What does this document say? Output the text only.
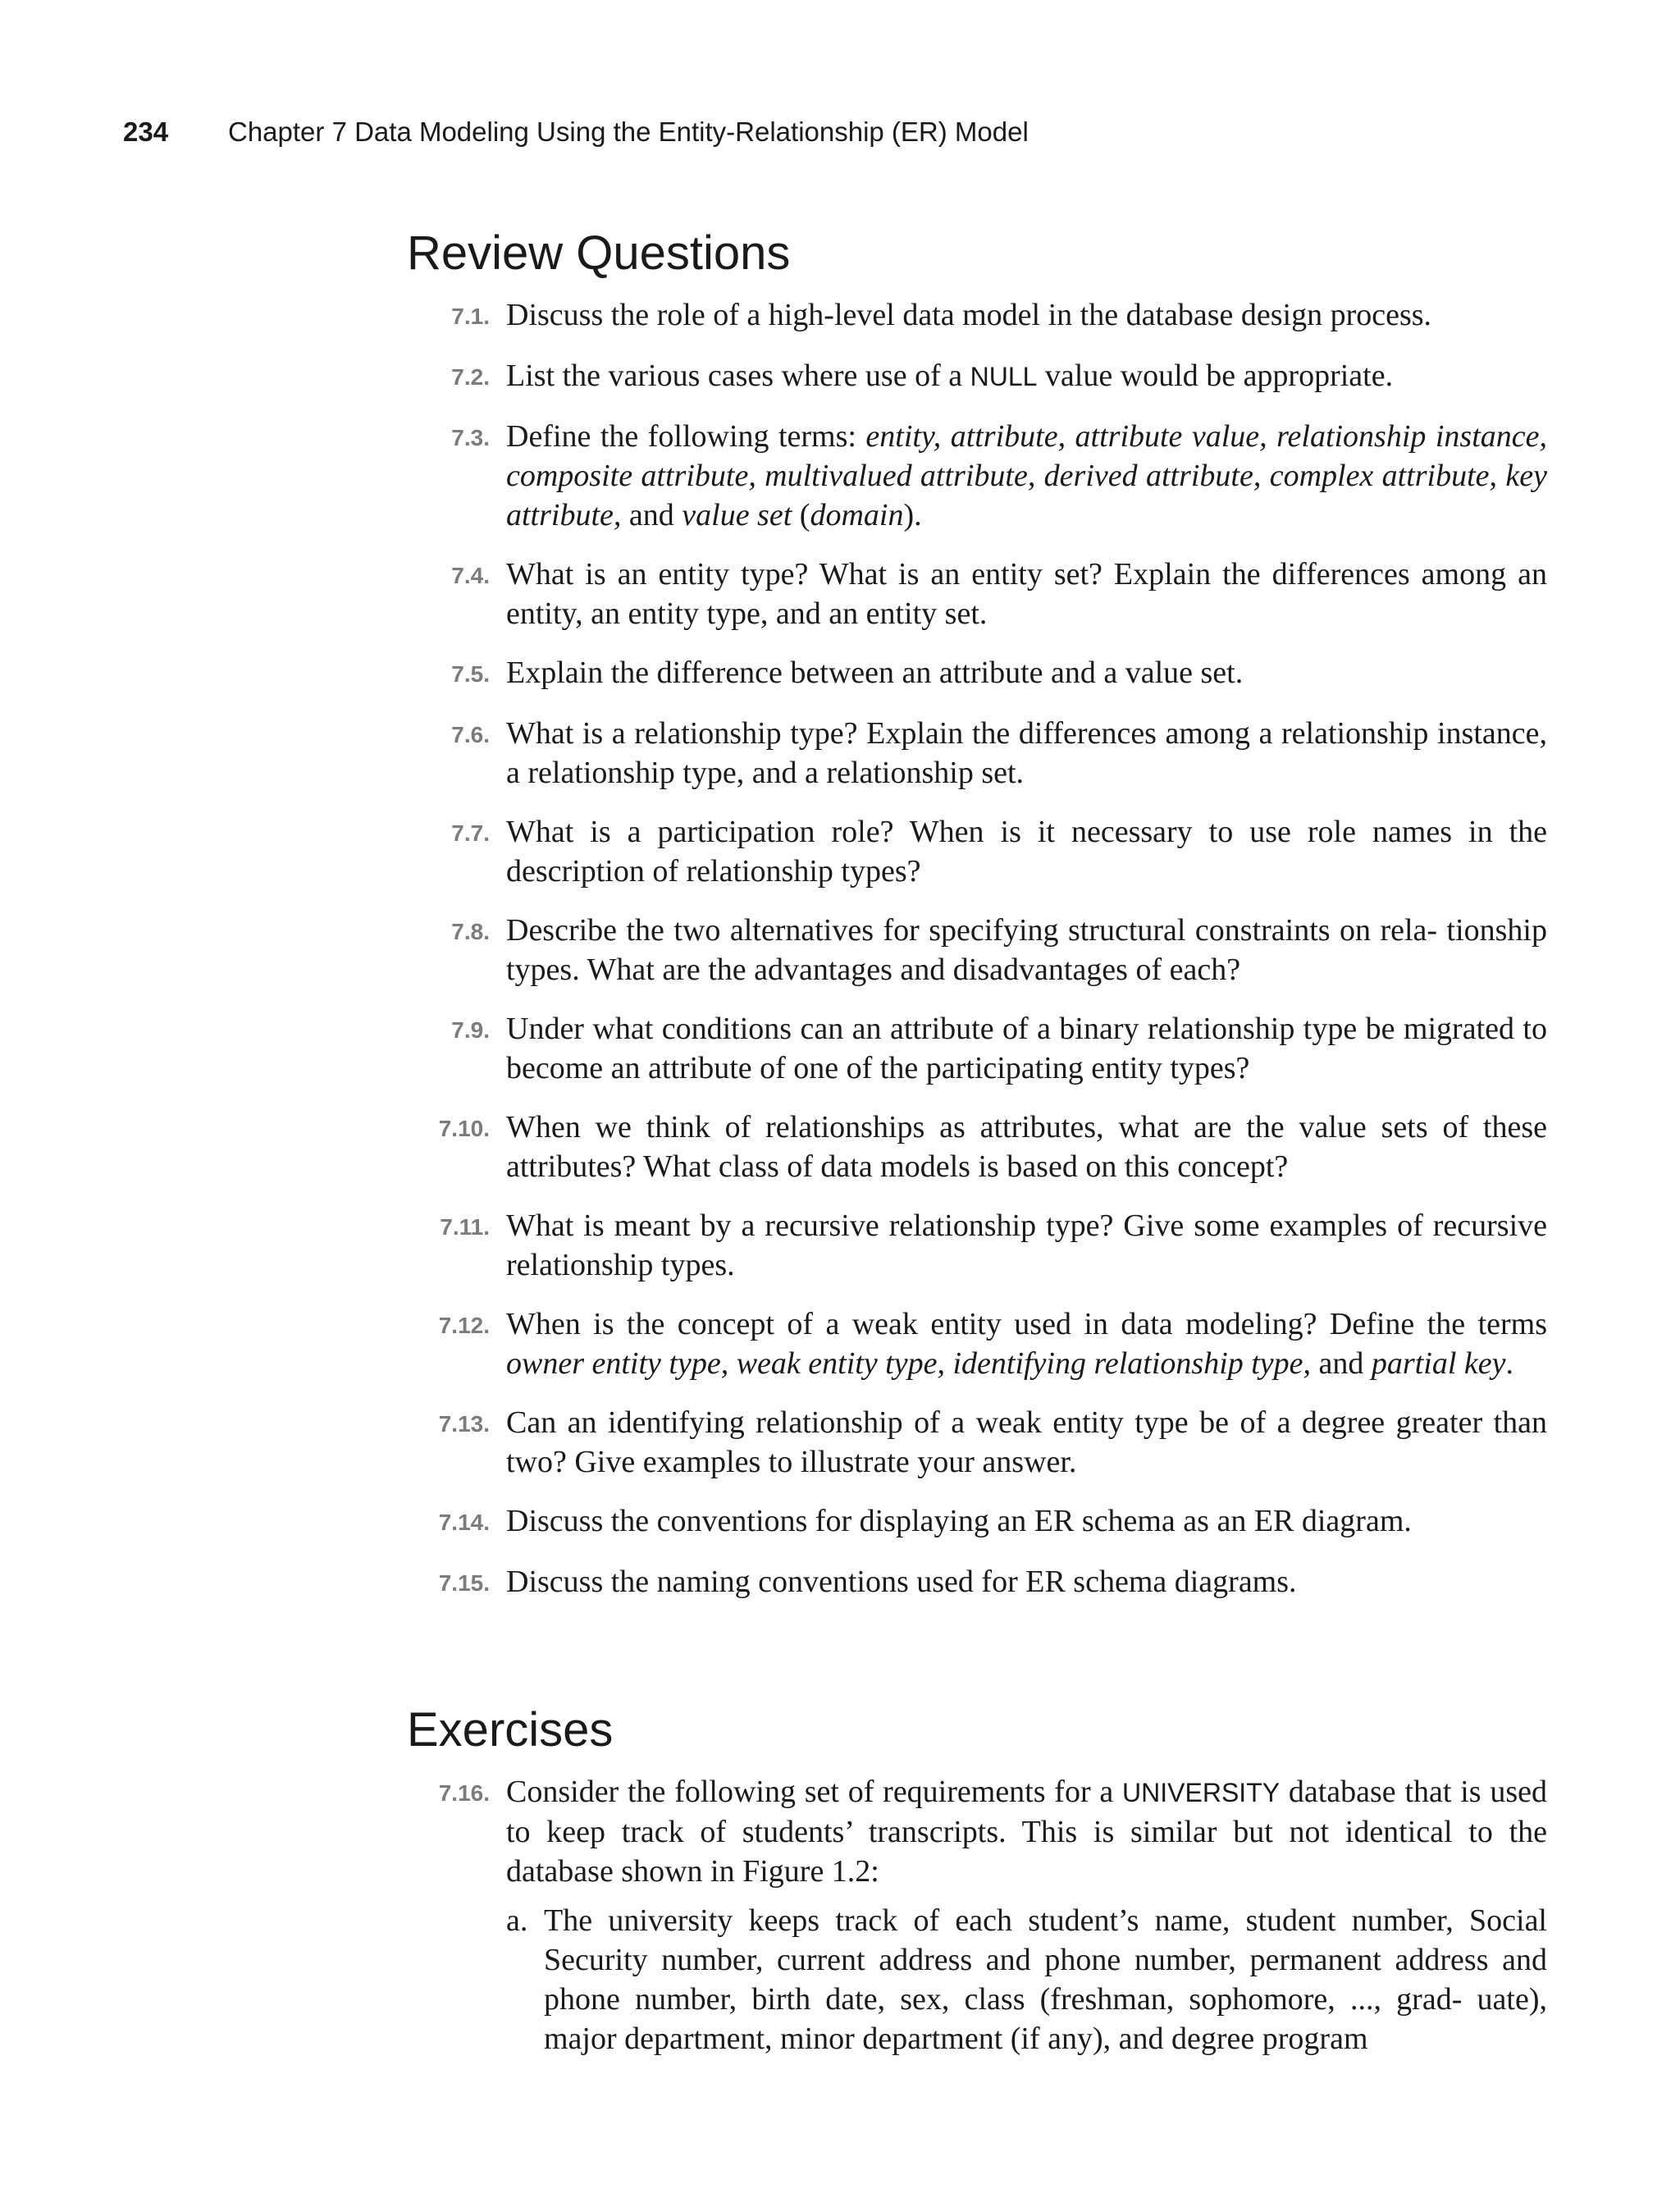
234	Chapter 7 Data Modeling Using the Entity-Relationship (ER) Model
Review Questions
7.1. Discuss the role of a high-level data model in the database design process.
7.2. List the various cases where use of a NULL value would be appropriate.
7.3. Define the following terms: entity, attribute, attribute value, relationship instance, composite attribute, multivalued attribute, derived attribute, complex attribute, key attribute, and value set (domain).
7.4. What is an entity type? What is an entity set? Explain the differences among an entity, an entity type, and an entity set.
7.5. Explain the difference between an attribute and a value set.
7.6. What is a relationship type? Explain the differences among a relationship instance, a relationship type, and a relationship set.
7.7. What is a participation role? When is it necessary to use role names in the description of relationship types?
7.8. Describe the two alternatives for specifying structural constraints on rela- tionship types. What are the advantages and disadvantages of each?
7.9. Under what conditions can an attribute of a binary relationship type be migrated to become an attribute of one of the participating entity types?
7.10. When we think of relationships as attributes, what are the value sets of these attributes? What class of data models is based on this concept?
7.11. What is meant by a recursive relationship type? Give some examples of recursive relationship types.
7.12. When is the concept of a weak entity used in data modeling? Define the terms owner entity type, weak entity type, identifying relationship type, and partial key.
7.13. Can an identifying relationship of a weak entity type be of a degree greater than two? Give examples to illustrate your answer.
7.14. Discuss the conventions for displaying an ER schema as an ER diagram.
7.15. Discuss the naming conventions used for ER schema diagrams.
Exercises
7.16. Consider the following set of requirements for a UNIVERSITY database that is used to keep track of students’ transcripts. This is similar but not identical to the database shown in Figure 1.2:
a. The university keeps track of each student’s name, student number, Social Security number, current address and phone number, permanent address and phone number, birth date, sex, class (freshman, sophomore, ..., grad- uate), major department, minor department (if any), and degree program
